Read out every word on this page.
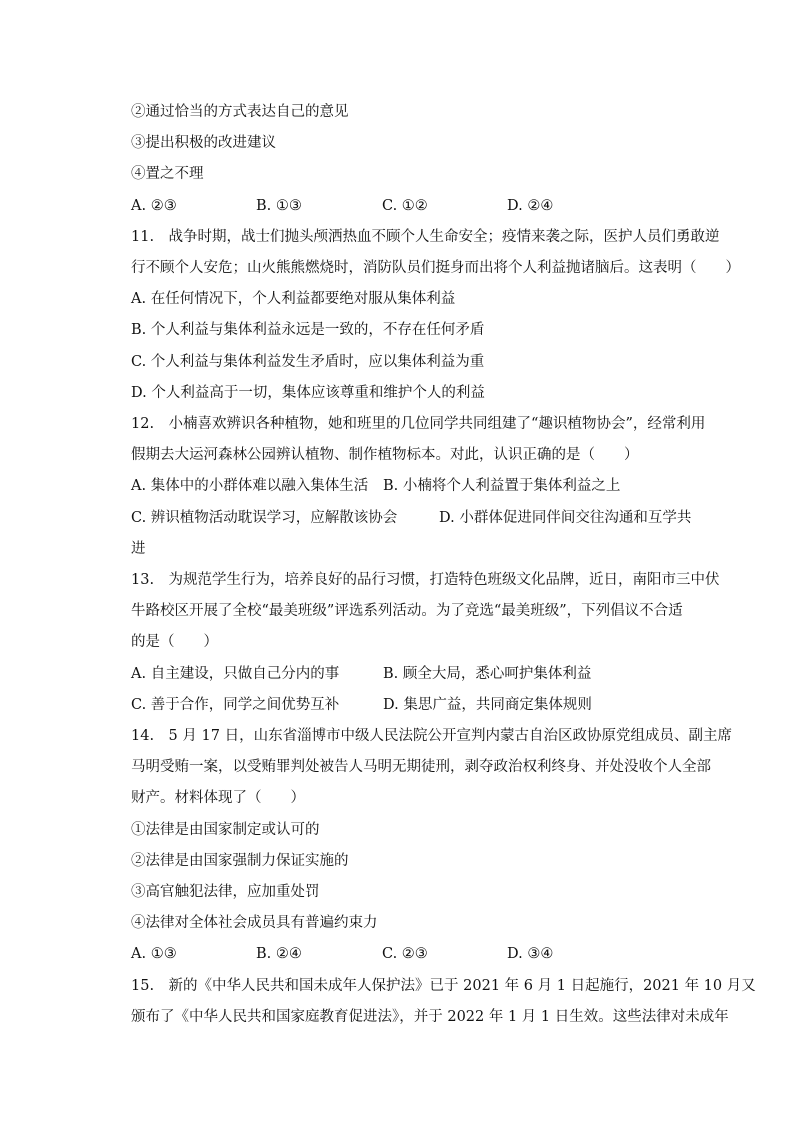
②通过恰当的方式表达自己的意见
③提出积极的改进建议
④置之不理
A. ②③	B. ①③	C. ①②	D. ②④
11.　战争时期，战士们抛头颅洒热血不顾个人生命安全；疫情来袭之际，医护人员们勇敢逆
行不顾个人安危；山火熊熊燃烧时，消防队员们挺身而出将个人利益抛诸脑后。这表明（　　）
A. 在任何情况下，个人利益都要绝对服从集体利益
B. 个人利益与集体利益永远是一致的，不存在任何矛盾
C. 个人利益与集体利益发生矛盾时，应以集体利益为重
D. 个人利益高于一切，集体应该尊重和维护个人的利益
12.　小楠喜欢辨识各种植物，她和班里的几位同学共同组建了“趣识植物协会”，经常利用
假期去大运河森林公园辨认植物、制作植物标本。对此，认识正确的是（　　）
A. 集体中的小群体难以融入集体生活 B. 小楠将个人利益置于集体利益之上
C. 辨识植物活动耽误学习，应解散该协会	D. 小群体促进同伴间交往沟通和互学共
进
13.　为规范学生行为，培养良好的品行习惯，打造特色班级文化品牌，近日，南阳市三中伏
牛路校区开展了全校“最美班级”评选系列活动。为了竞选“最美班级”，下列倡议不合适
的是（　　）
A. 自主建设，只做自己分内的事	B. 顾全大局，悉心呵护集体利益
C. 善于合作，同学之间优势互补	D. 集思广益，共同商定集体规则
14.　5 月 17 日，山东省淄博市中级人民法院公开宣判内蒙古自治区政协原党组成员、副主席
马明受贿一案，以受贿罪判处被告人马明无期徒刑，剥夺政治权利终身、并处没收个人全部
财产。材料体现了（　　）
①法律是由国家制定或认可的
②法律是由国家强制力保证实施的
③高官触犯法律，应加重处罚
④法律对全体社会成员具有普遍约束力
A. ①③	B. ②④	C. ②③	D. ③④
15.　新的《中华人民共和国未成年人保护法》已于 2021 年 6 月 1 日起施行，2021 年 10 月又
颁布了《中华人民共和国家庭教育促进法》，并于 2022 年 1 月 1 日生效。这些法律对未成年
